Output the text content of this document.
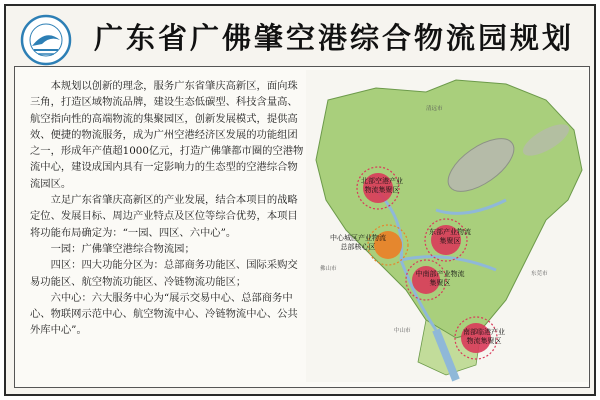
广东省广佛肇空港综合物流园规划

本规划以创新的理念，服务广东省肇庆高新区，面向珠三角，打造区域物流品牌，建设生态低碳型、科技含量高、航空指向性的高端物流的集聚园区，创新发展模式，提供高效、便捷的物流服务，成为广州空港经济区发展的功能组团之一，形成年产值超1000亿元，打造广佛肇都市圈的空港物流中心，建设成国内具有一定影响力的生态型的空港综合物流园区。

立足广东省肇庆高新区的产业发展，结合本项目的战略定位、发展目标、周边产业特点及区位等综合优势，本项目将功能布局确定为：“一园、四区、六中心”。

一园：广佛肇空港综合物流园；

四区：四大功能分区为：总部商务功能区、国际采购交易功能区、航空物流功能区、冷链物流功能区；

六中心：六大服务中心为“展示交易中心、总部商务中心、物联网示范中心、航空物流中心、冷链物流中心、公共外库中心”。

北部空港产业
物流集聚区
中心城区产业物流
总部核心区
东部产业物流
集聚区
中南部产业物流
集聚区
南部临港产业
物流集聚区
清远市
佛山市
东莞市
中山市
